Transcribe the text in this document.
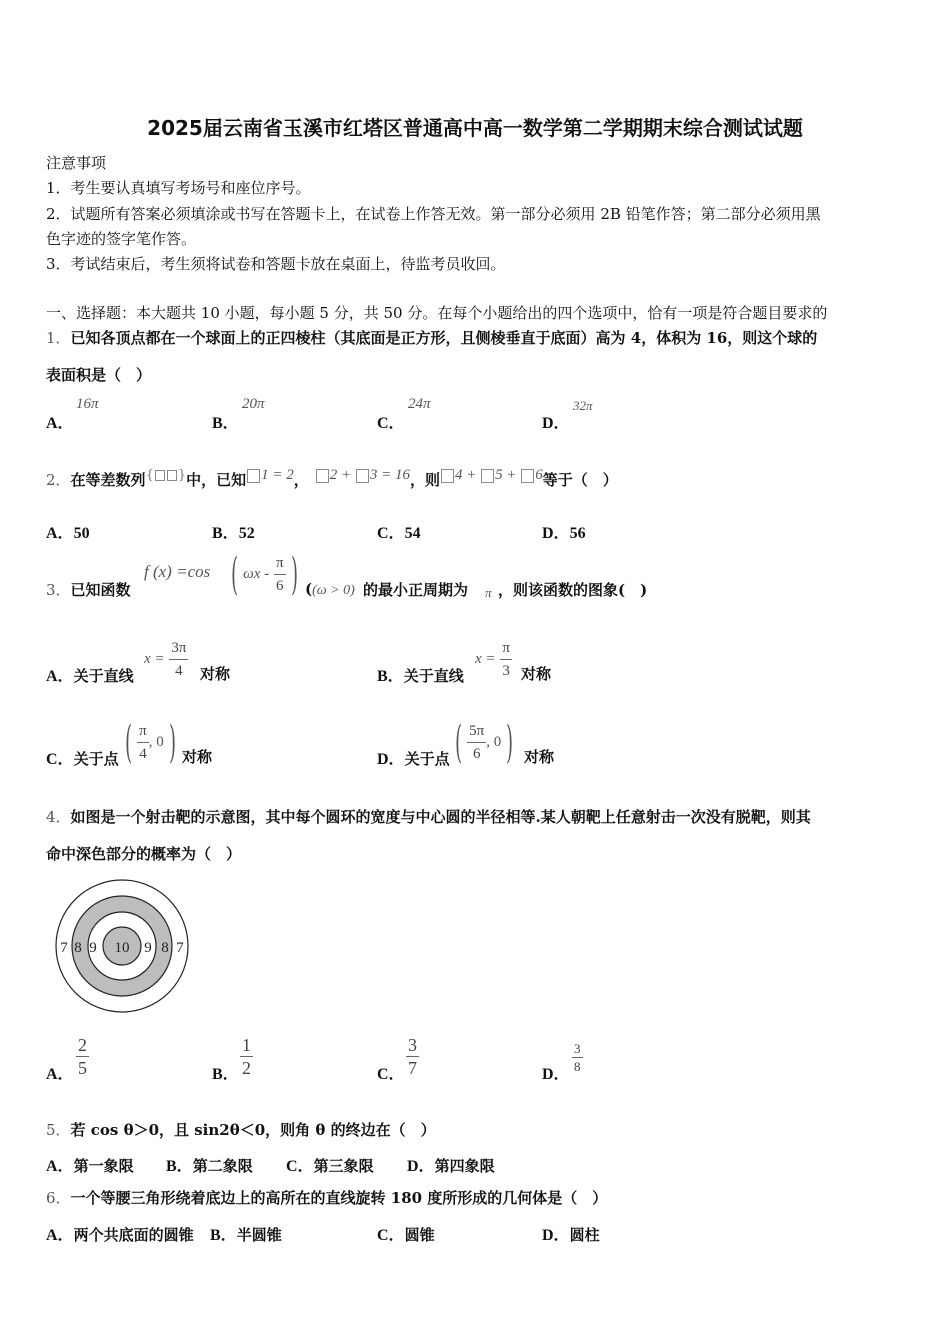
2025届云南省玉溪市红塔区普通高中高一数学第二学期期末综合测试试题
注意事项
1．考生要认真填写考场号和座位序号。
2．试题所有答案必须填涂或书写在答题卡上，在试卷上作答无效。第一部分必须用 2B 铅笔作答；第二部分必须用黑
色字迹的签字笔作答。
3．考试结束后，考生须将试卷和答题卡放在桌面上，待监考员收回。
一、选择题：本大题共 10 小题，每小题 5 分，共 50 分。在每个小题给出的四个选项中，恰有一项是符合题目要求的
1．已知各顶点都在一个球面上的正四棱柱（其底面是正方形，且侧棱垂直于底面）高为 4，体积为 16，则这个球的
表面积是（　）
A．
16π
B．
20π
C．
24π
D．
32π
2．在等差数列{ }中，已知 1 = 2， 2 + 3 = 16，则 4 + 5 + 6等于（　）
A．50	B．52	C．54	D．56
3．已知函数
f (x) =cos ( ωx - $\frac{\pi}{6}$ ) ((ω > 0) 的最小正周期为 π ，则该函数的图象(　)
A．关于直线
$x = \frac{3\pi}{4}$ 对称	B．关于直线
$x = \frac{\pi}{3}$ 对称
C．关于点 ( $\frac{\pi}{4}$ , 0 ) 对称	D．关于点 ( $\frac{5\pi}{6}$ , 0 ) 对称
4．如图是一个射击靶的示意图，其中每个圆环的宽度与中心圆的半径相等.某人朝靶上任意射击一次没有脱靶，则其
命中深色部分的概率为（　）
10
9
8
7	9 8 7
A． $\frac{2}{5}$	B． $\frac{1}{2}$	C． $\frac{3}{7}$	D． $\frac{3}{8}$
5．若 cos θ＞0，且 sin2θ＜0，则角 θ 的终边在（　）
A．第一象限 B．第二象限 C．第三象限 D．第四象限
6．一个等腰三角形绕着底边上的高所在的直线旋转 180 度所形成的几何体是（　）
A．两个共底面的圆锥 B．半圆锥	C．圆锥	D．圆柱
